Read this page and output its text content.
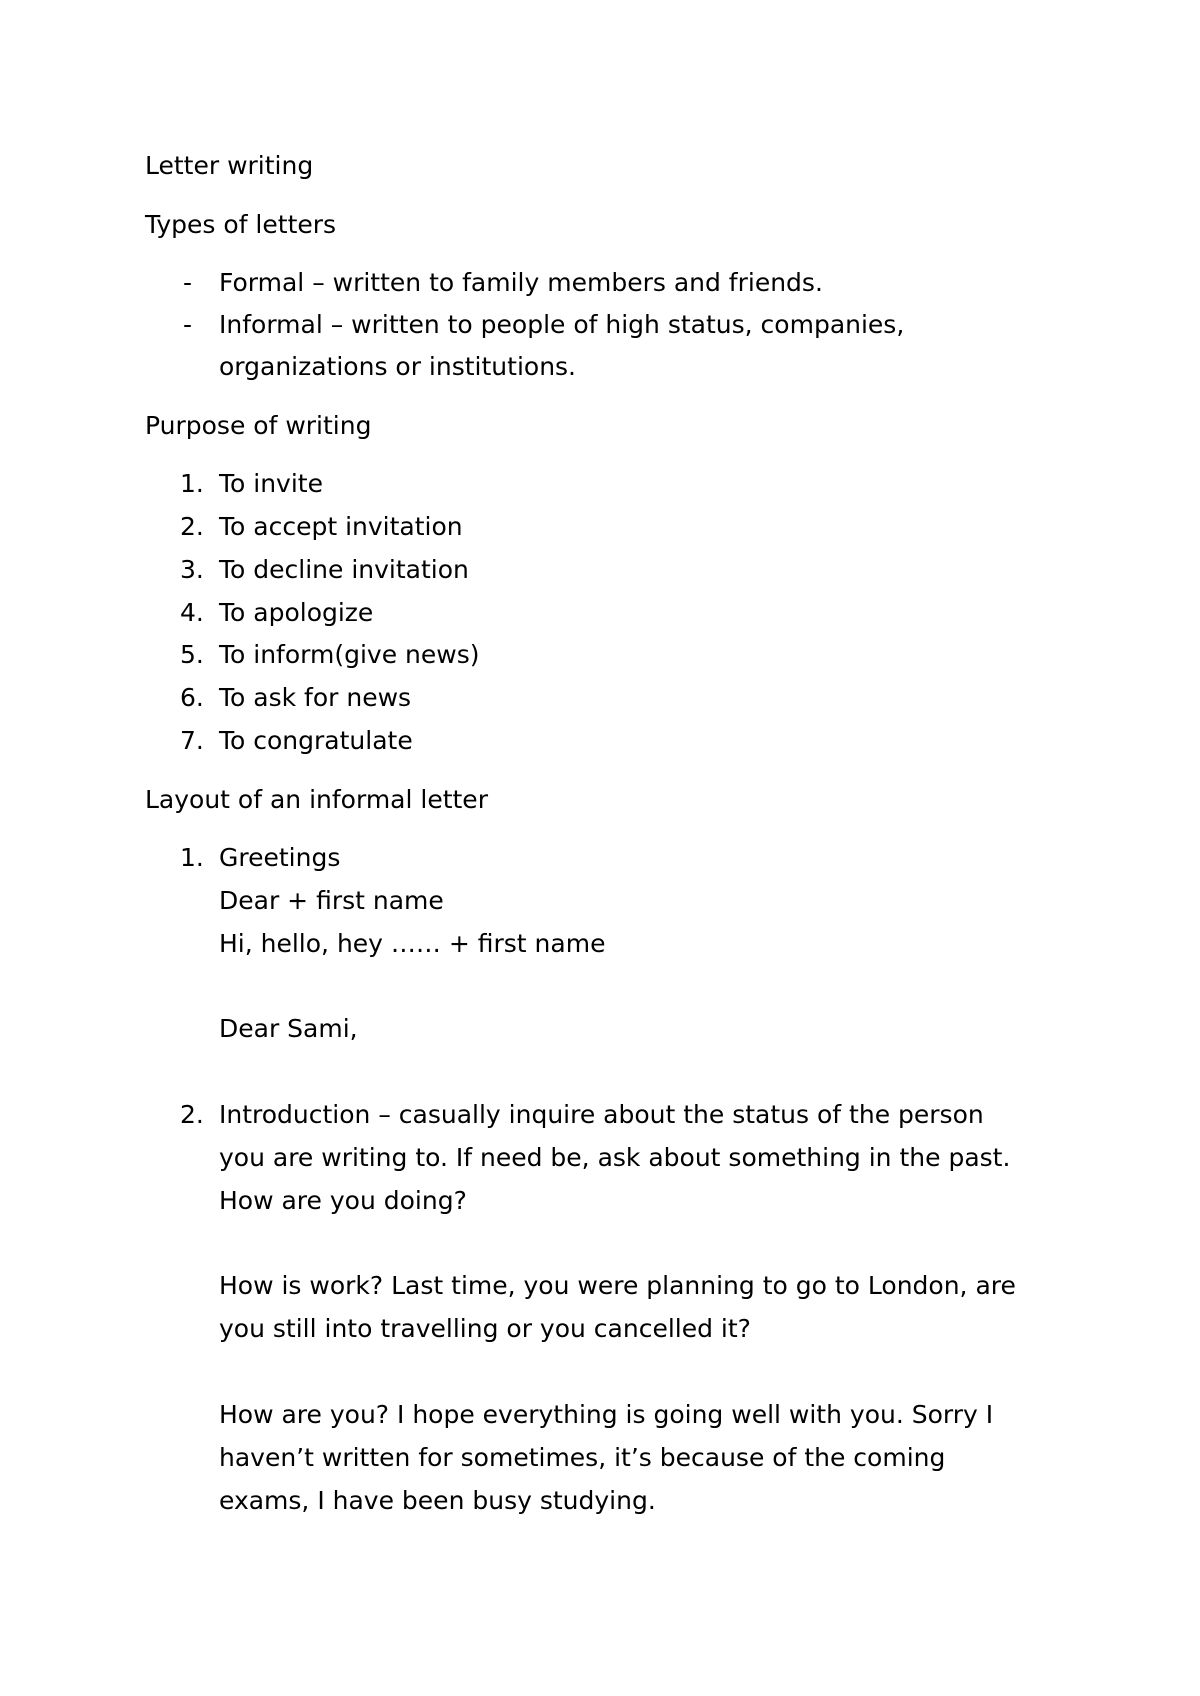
Letter writing
Types of letters
- Formal – written to family members and friends.
- Informal – written to people of high status, companies,
organizations or institutions.
Purpose of writing
1. To invite
2. To accept invitation
3. To decline invitation
4. To apologize
5. To inform(give news)
6. To ask for news
7. To congratulate
Layout of an informal letter
1. Greetings
Dear + first name
Hi, hello, hey …… + first name
Dear Sami,
2. Introduction – casually inquire about the status of the person
you are writing to. If need be, ask about something in the past.
How are you doing?
How is work? Last time, you were planning to go to London, are
you still into travelling or you cancelled it?
How are you? I hope everything is going well with you. Sorry I
haven’t written for sometimes, it’s because of the coming
exams, I have been busy studying.
